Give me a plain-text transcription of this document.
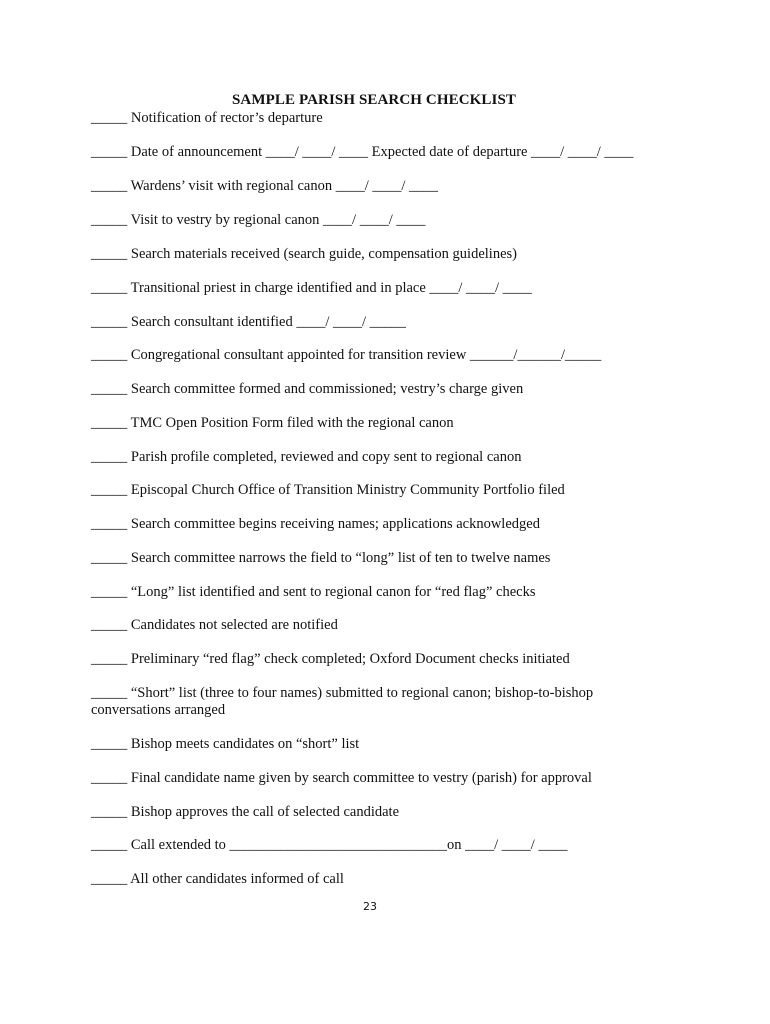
SAMPLE PARISH SEARCH CHECKLIST
_____ Notification of rector’s departure
_____ Date of announcement ____/ ____/ ____ Expected date of departure ____/ ____/ ____
_____ Wardens’ visit with regional canon ____/ ____/ ____
_____ Visit to vestry by regional canon ____/ ____/ ____
_____ Search materials received (search guide, compensation guidelines)
_____ Transitional priest in charge identified and in place ____/ ____/ ____
_____ Search consultant identified ____/ ____/ _____
_____ Congregational consultant appointed for transition review ______/______/_____
_____ Search committee formed and commissioned; vestry’s charge given
_____ TMC Open Position Form filed with the regional canon
_____ Parish profile completed, reviewed and copy sent to regional canon
_____ Episcopal Church Office of Transition Ministry Community Portfolio filed
_____ Search committee begins receiving names; applications acknowledged
_____ Search committee narrows the field to “long” list of ten to twelve names
_____ “Long” list identified and sent to regional canon for “red flag” checks
_____ Candidates not selected are notified
_____ Preliminary “red flag” check completed; Oxford Document checks initiated
_____ “Short” list (three to four names) submitted to regional canon; bishop-to-bishop conversations arranged
_____ Bishop meets candidates on “short” list
_____ Final candidate name given by search committee to vestry (parish) for approval
_____ Bishop approves the call of selected candidate
_____ Call extended to ______________________________on ____/ ____/ ____
_____ All other candidates informed of call
23
